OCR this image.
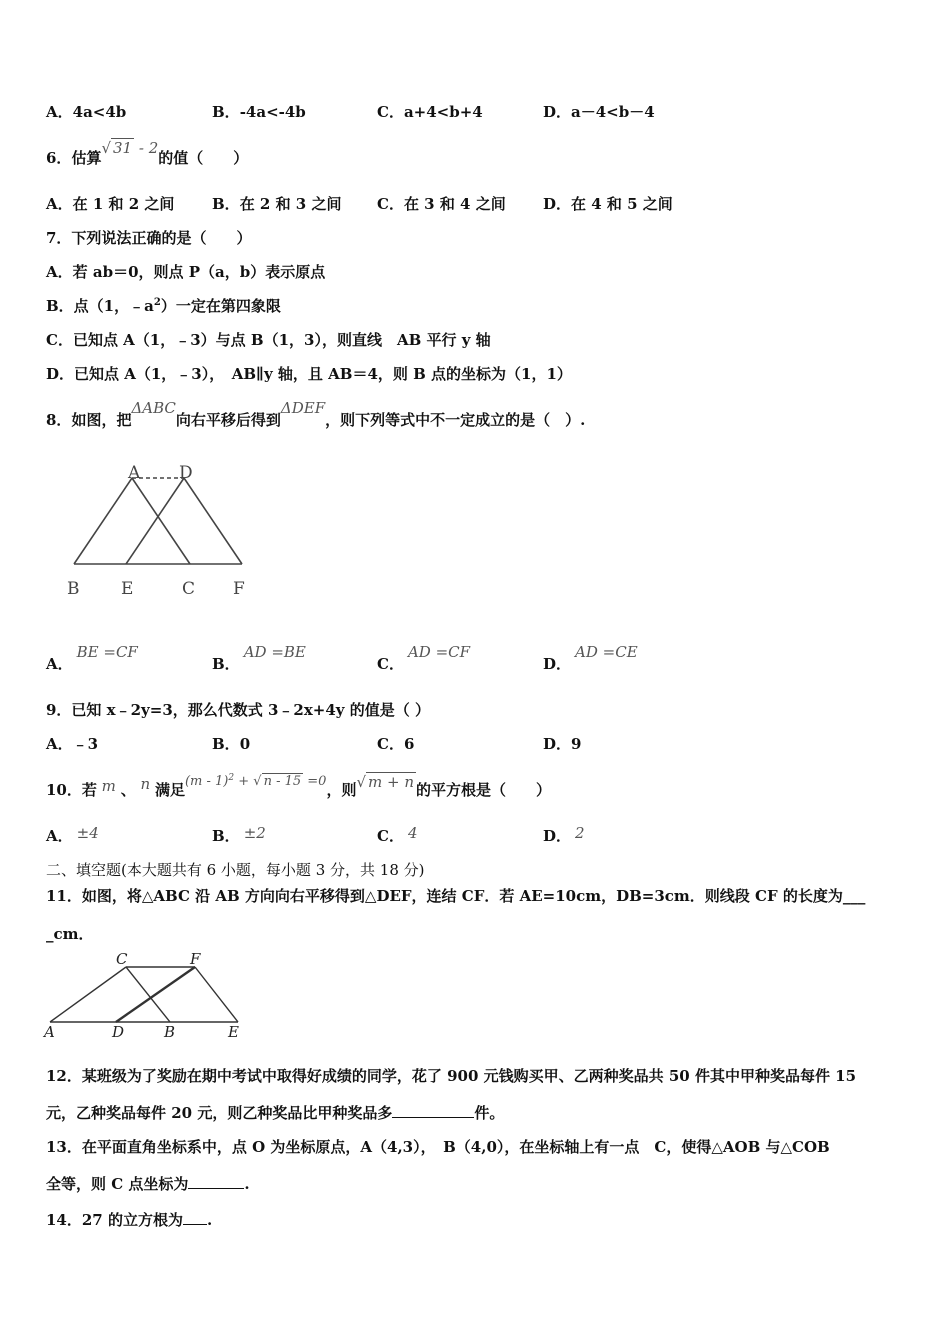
A．4a<4b	B．-4a<-4b	C．a+4<b+4	D．a－4<b－4
6．估算√ 31 - 2的值（　　）
A．在 1 和 2 之间	B．在 2 和 3 之间 C．在 3 和 4 之间 D．在 4 和 5 之间
7．下列说法正确的是（　　）
A．若 ab＝0，则点 P（a，b）表示原点
B．点（1，$﹣a^2$）一定在第四象限
C．已知点 A（1，﹣3）与点 B（1，3），则直线　AB 平行 y 轴
D．已知点 A（1，﹣3），　AB∥y 轴，且 AB＝4，则 B 点的坐标为（1，1）
8．如图，把ΔABC向右平移后得到ΔDEF，则下列等式中不一定成立的是（　）.
A D
B E	C F
A．BE =CF
B．AD =BE
C．AD =CF
D．AD =CE
9．已知 x﹣2y=3，那么代数式 3﹣2x+4y 的值是（ ）
A．﹣3	B．0	C．6	D．9
10．若 m 、 n 满足(m - 1)$^2$ + √ n - 15 =0，则√ m + n 的平方根是（　　）
A． ±4	B． ±2	C． 4	D． 2
二、填空题(本大题共有 6 小题，每小题 3 分，共 18 分)
11．如图，将△ABC 沿 AB 方向向右平移得到△DEF，连结 CF．若 AE=10cm，DB=3cm．则线段 CF 的长度为___
_cm．
C	F
A	D	B	E
12．某班级为了奖励在期中考试中取得好成绩的同学，花了 900 元钱购买甲、乙两种奖品共 50 件其中甲种奖品每件 15
元，乙种奖品每件 20 元，则乙种奖品比甲种奖品多	件。
13．在平面直角坐标系中，点 O 为坐标原点，A（4,3），　B（4,0），在坐标轴上有一点　C，使得△AOB 与△COB
全等，则 C 点坐标为	.
14．27 的立方根为 .
